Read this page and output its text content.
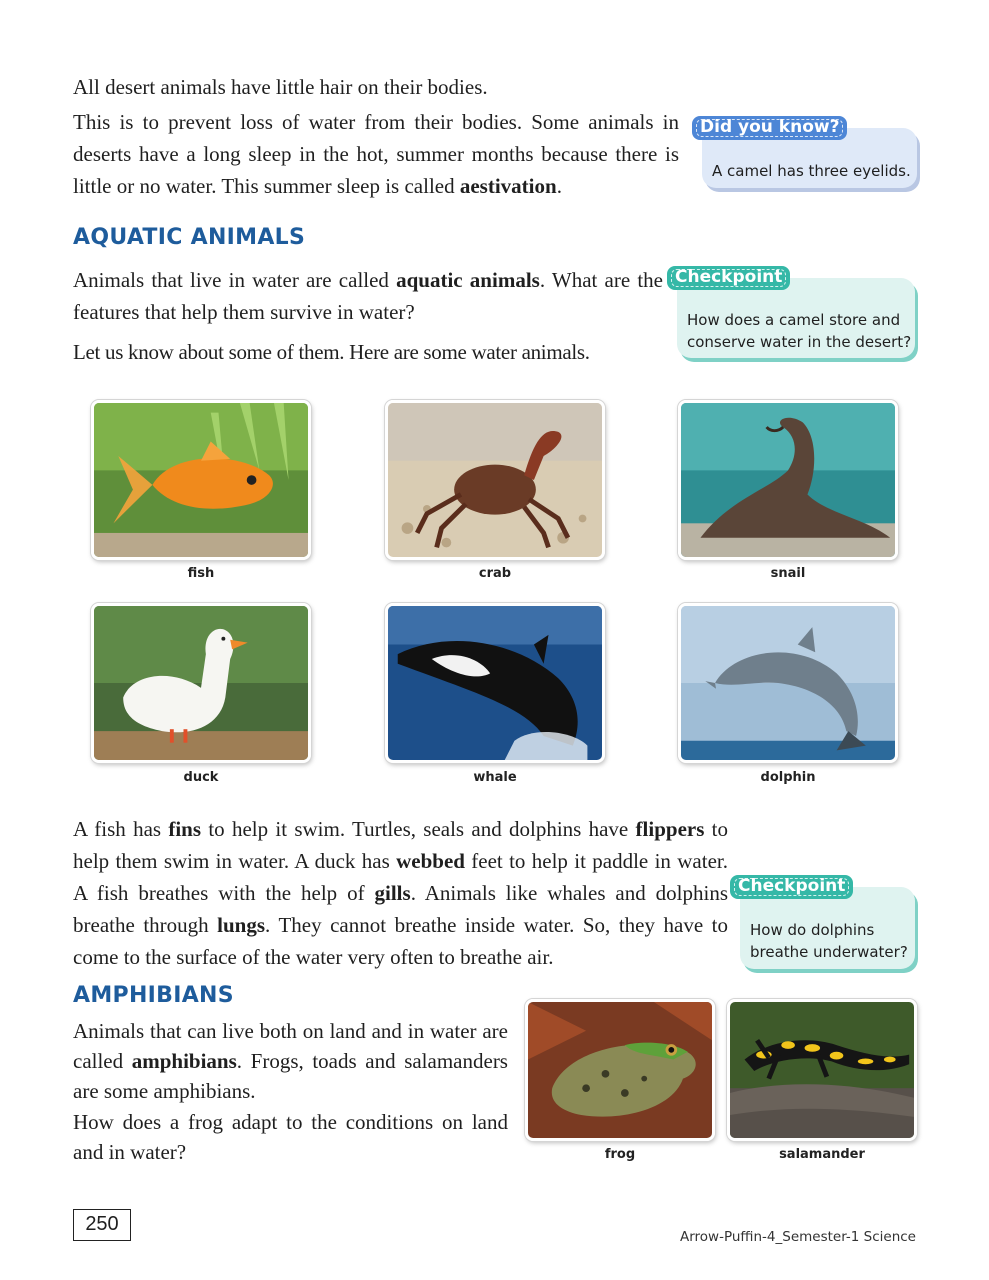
All desert animals have little hair on their bodies.

This is to prevent loss of water from their bodies. Some animals in deserts have a long sleep in the hot, summer months because there is little or no water. This summer sleep is called aestivation.

Did you know?
A camel has three eyelids.
AQUATIC ANIMALS

Animals that live in water are called aquatic animals. What are the features that help them survive in water?

Let us know about some of them. Here are some water animals.

Checkpoint
How does a camel store and conserve water in the desert?
fish	crab	snail
duck	whale	dolphin

A fish has fins to help it swim. Turtles, seals and dolphins have flippers to help them swim in water. A duck has webbed feet to help it paddle in water. A fish breathes with the help of gills. Animals like whales and dolphins breathe through lungs. They cannot breathe inside water. So, they have to come to the surface of the water very often to breathe air.

Checkpoint
How do dolphins breathe underwater?
AMPHIBIANS

Animals that can live both on land and in water are called amphibians. Frogs, toads and salamanders are some amphibians.

How does a frog adapt to the conditions on land and in water?	frog	salamander
250
Arrow-Puffin-4_Semester-1 Science
